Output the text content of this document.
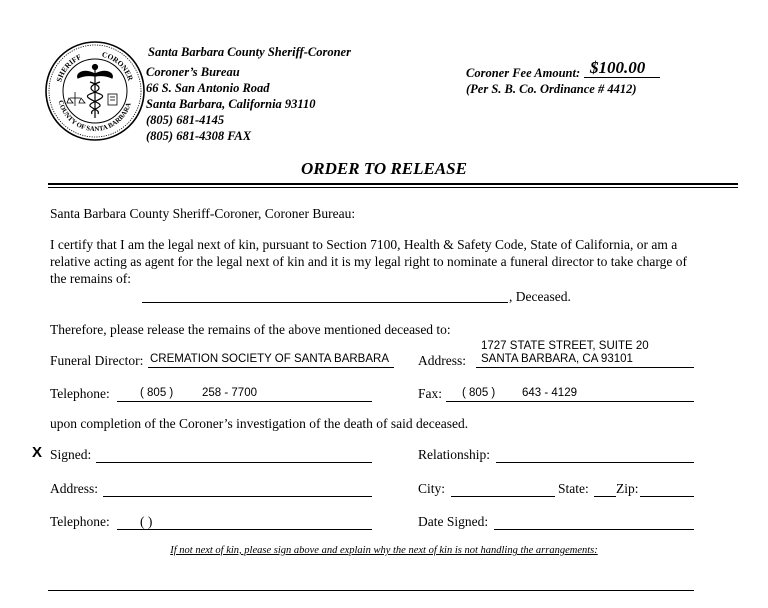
SHERIFF CORONER
COUNTY OF SANTA BARBARA
Santa Barbara County Sheriff-Coroner
Coroner’s Bureau
66 S. San Antonio Road
Santa Barbara, California 93110
(805) 681-4145
(805) 681-4308 FAX
Coroner Fee Amount: $100.00
(Per S. B. Co. Ordinance # 4412)
ORDER TO RELEASE
Santa Barbara County Sheriff-Coroner, Coroner Bureau:
I certify that I am the legal next of kin, pursuant to Section 7100, Health & Safety Code, State of California, or am a
relative acting as agent for the legal next of kin and it is my legal right to nominate a funeral director to take charge of
the remains of:
, Deceased.
Therefore, please release the remains of the above mentioned deceased to:
Funeral Director: CREMATION SOCIETY OF SANTA BARBARA Address:
1727 STATE STREET, SUITE 20
SANTA BARBARA, CA 93101
Telephone:	( 805 )	258 - 7700	Fax: ( 805 ) 643 - 4129
upon completion of the Coroner’s investigation of the death of said deceased.
X Signed:	Relationship:
Address:	City:	State: Zip:
Telephone: ( )	Date Signed:
If not next of kin, please sign above and explain why the next of kin is not handling the arrangements:
